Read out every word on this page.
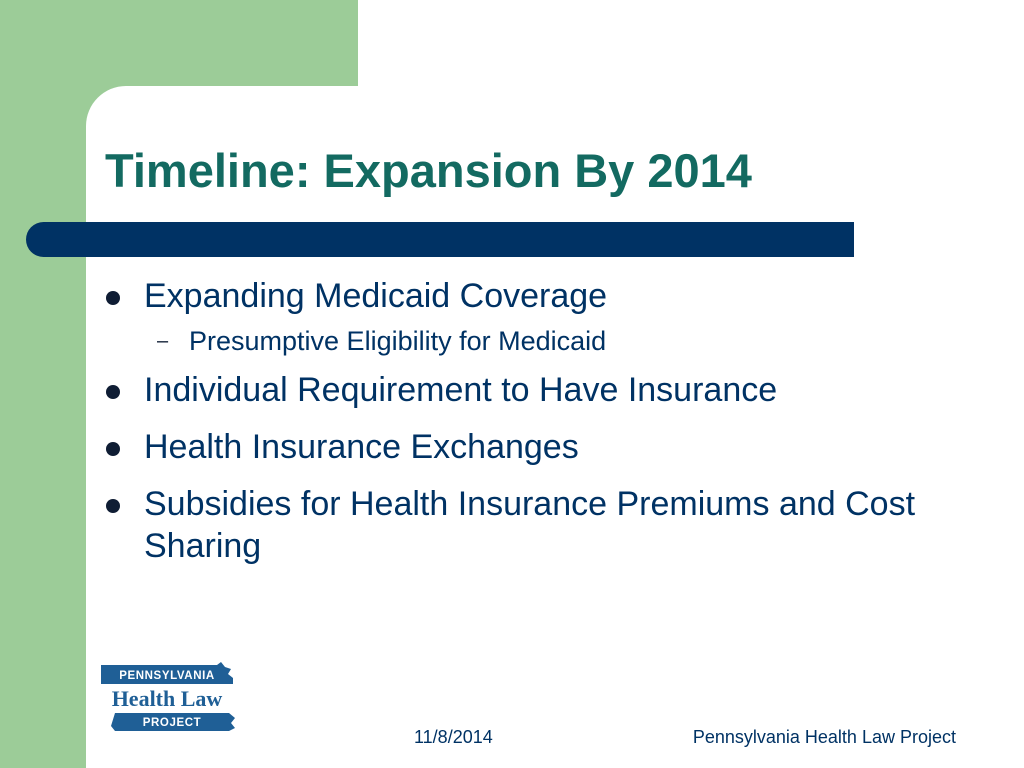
Timeline: Expansion By 2014
Expanding Medicaid Coverage
– Presumptive Eligibility for Medicaid
Individual Requirement to Have Insurance
Health Insurance Exchanges
Subsidies for Health Insurance Premiums and Cost Sharing
PENNSYLVANIA
Health Law
PROJECT
11/8/2014	Pennsylvania Health Law Project
